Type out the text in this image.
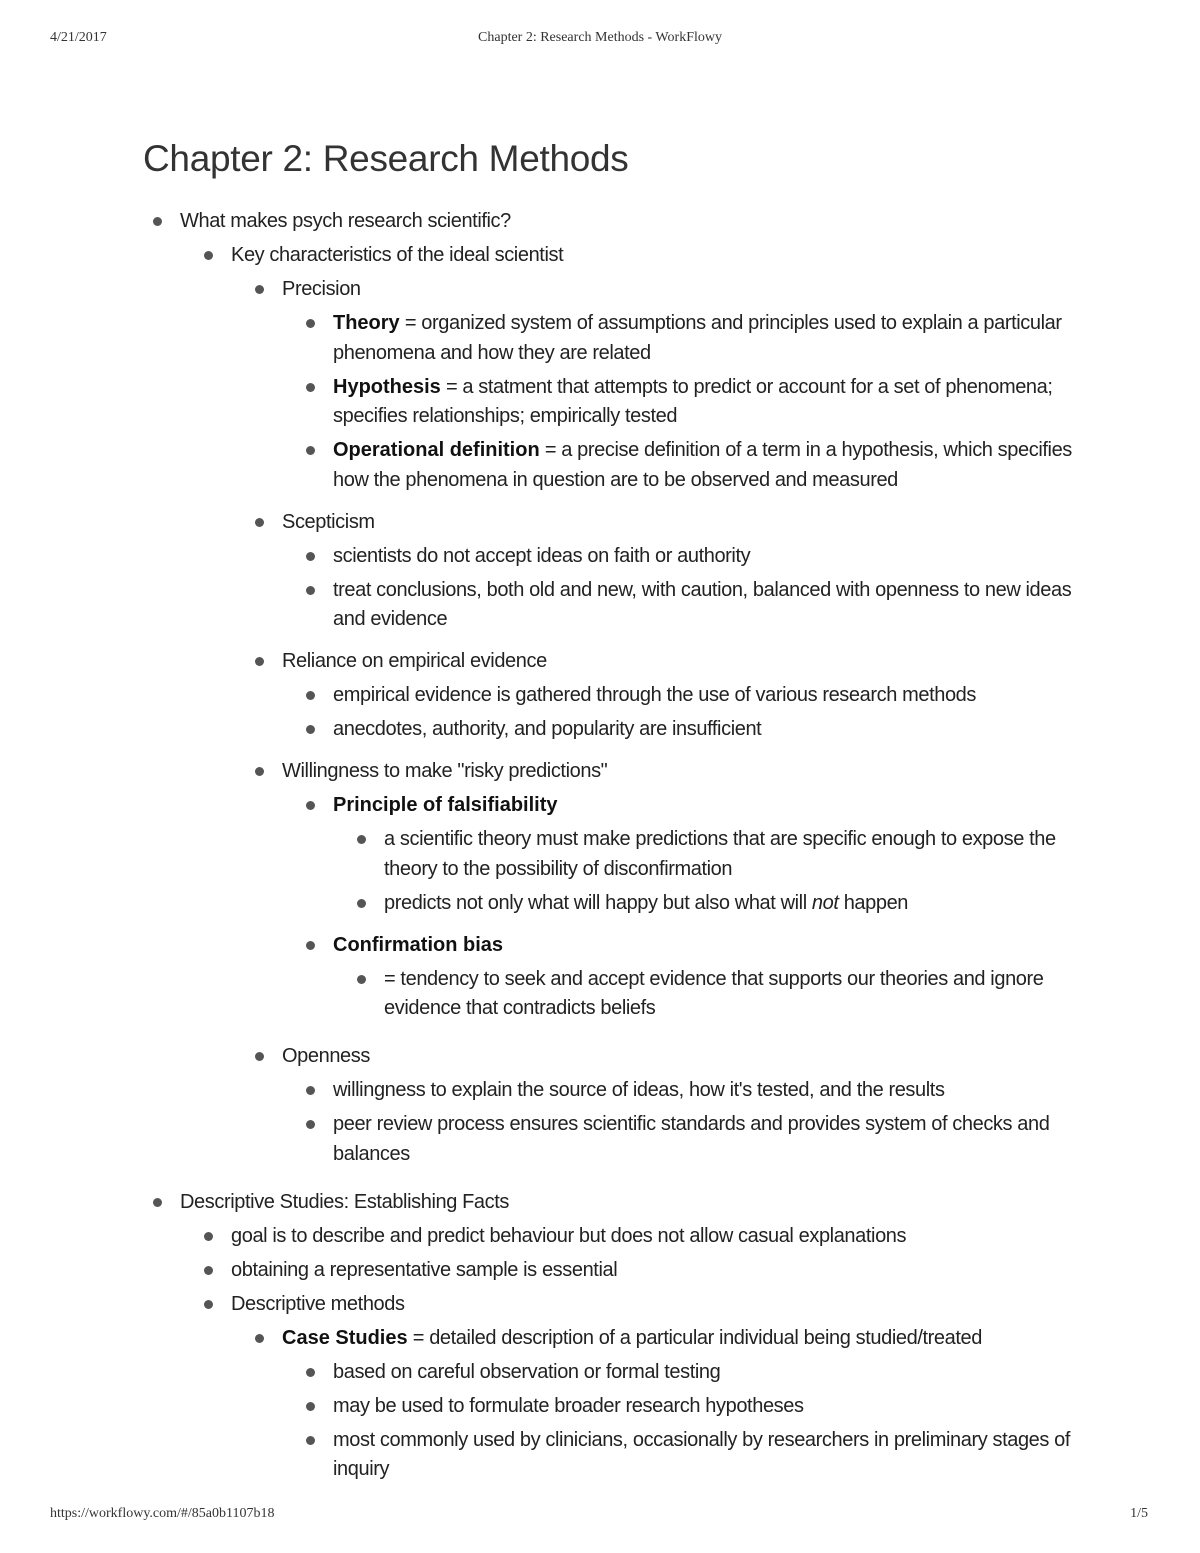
4/21/2017	Chapter 2: Research Methods - WorkFlowy
Chapter 2: Research Methods
What makes psych research scientific?
Key characteristics of the ideal scientist
Precision
Theory = organized system of assumptions and principles used to explain a particular phenomena and how they are related
Hypothesis = a statment that attempts to predict or account for a set of phenomena; specifies relationships; empirically tested
Operational definition = a precise definition of a term in a hypothesis, which specifies how the phenomena in question are to be observed and measured
Scepticism
scientists do not accept ideas on faith or authority
treat conclusions, both old and new, with caution, balanced with openness to new ideas and evidence
Reliance on empirical evidence
empirical evidence is gathered through the use of various research methods
anecdotes, authority, and popularity are insufficient
Willingness to make "risky predictions"
Principle of falsifiability
a scientific theory must make predictions that are specific enough to expose the theory to the possibility of disconfirmation
predicts not only what will happy but also what will not happen
Confirmation bias
= tendency to seek and accept evidence that supports our theories and ignore evidence that contradicts beliefs
Openness
willingness to explain the source of ideas, how it's tested, and the results
peer review process ensures scientific standards and provides system of checks and balances
Descriptive Studies: Establishing Facts
goal is to describe and predict behaviour but does not allow casual explanations
obtaining a representative sample is essential
Descriptive methods
Case Studies = detailed description of a particular individual being studied/treated
based on careful observation or formal testing
may be used to formulate broader research hypotheses
most commonly used by clinicians, occasionally by researchers in preliminary stages of inquiry
https://workflowy.com/#/85a0b1107b18	1/5
